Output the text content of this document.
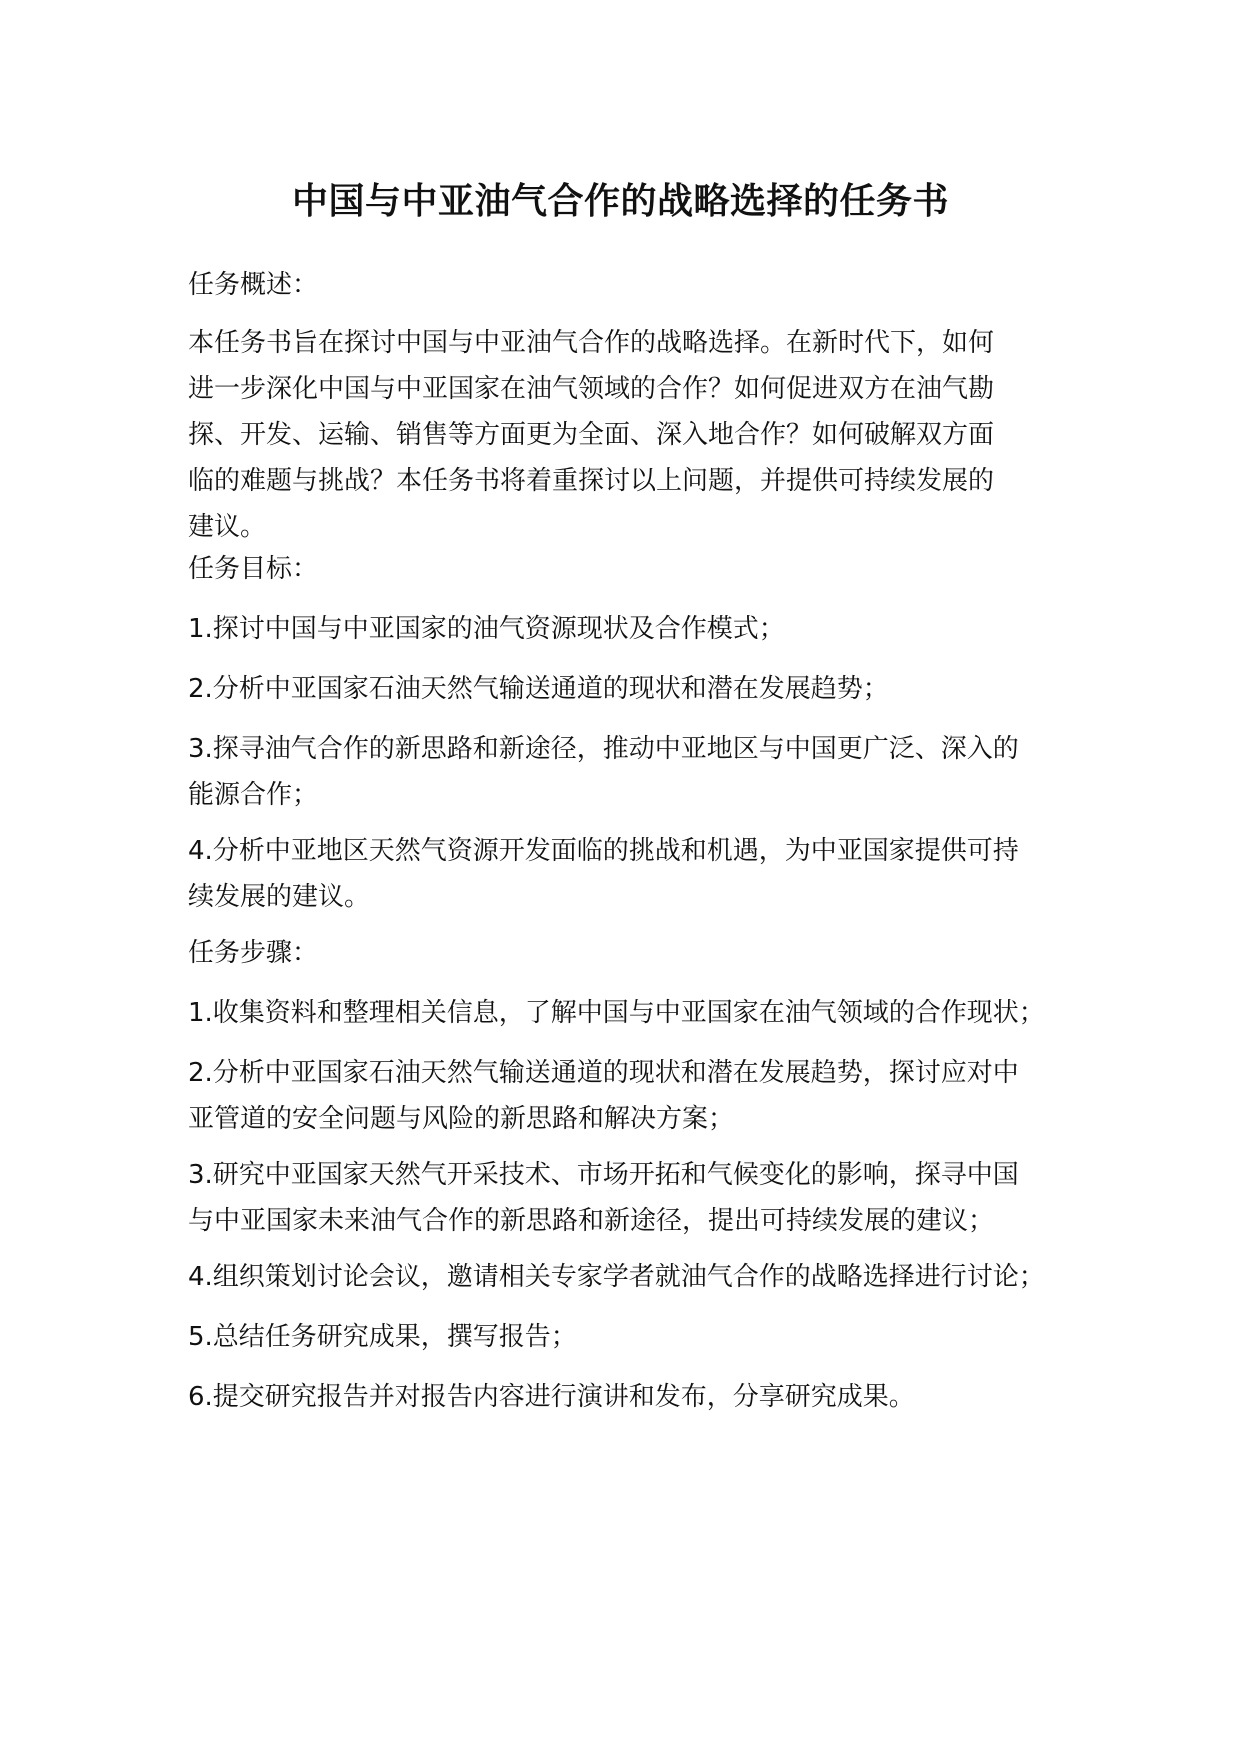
中国与中亚油气合作的战略选择的任务书
任务概述：
本任务书旨在探讨中国与中亚油气合作的战略选择。在新时代下，如何
进一步深化中国与中亚国家在油气领域的合作？如何促进双方在油气勘
探、开发、运输、销售等方面更为全面、深入地合作？如何破解双方面
临的难题与挑战？本任务书将着重探讨以上问题，并提供可持续发展的
建议。
任务目标：
1.探讨中国与中亚国家的油气资源现状及合作模式；
2.分析中亚国家石油天然气输送通道的现状和潜在发展趋势；
3.探寻油气合作的新思路和新途径，推动中亚地区与中国更广泛、深入的
能源合作；
4.分析中亚地区天然气资源开发面临的挑战和机遇，为中亚国家提供可持
续发展的建议。
任务步骤：
1.收集资料和整理相关信息，了解中国与中亚国家在油气领域的合作现状；
2.分析中亚国家石油天然气输送通道的现状和潜在发展趋势，探讨应对中
亚管道的安全问题与风险的新思路和解决方案；
3.研究中亚国家天然气开采技术、市场开拓和气候变化的影响，探寻中国
与中亚国家未来油气合作的新思路和新途径，提出可持续发展的建议；
4.组织策划讨论会议，邀请相关专家学者就油气合作的战略选择进行讨论；
5.总结任务研究成果，撰写报告；
6.提交研究报告并对报告内容进行演讲和发布，分享研究成果。
